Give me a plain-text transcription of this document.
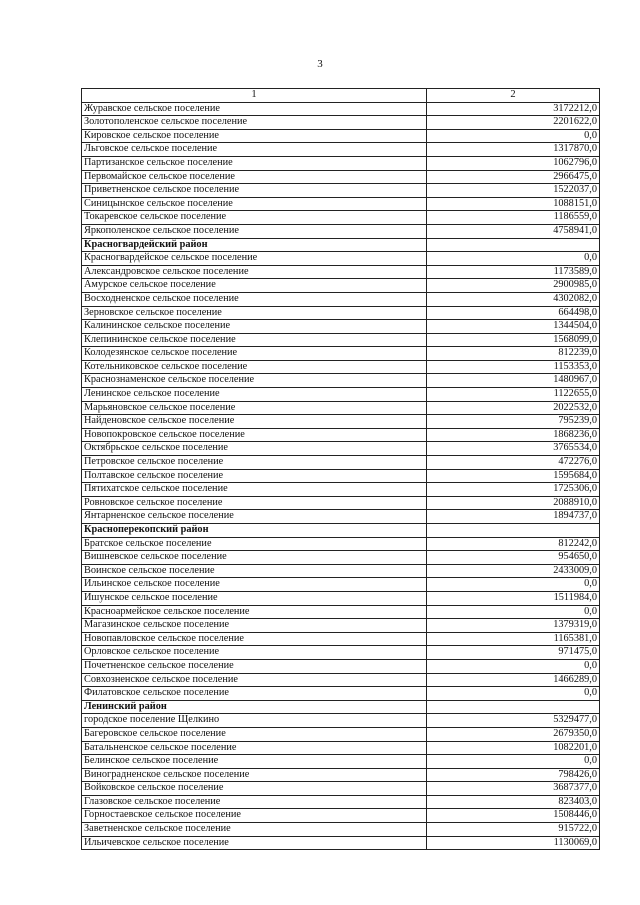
3
1	2
Журавское сельское поселение	3172212,0
Золотополенское сельское поселение	2201622,0
Кировское сельское поселение	0,0
Льговское сельское поселение	1317870,0
Партизанское сельское поселение	1062796,0
Первомайское сельское поселение	2966475,0
Приветненское сельское поселение	1522037,0
Синицынское сельское поселение	1088151,0
Токаревское сельское поселение	1186559,0
Яркополенское сельское поселение	4758941,0
Красногвардейский район	
Красногвардейское сельское поселение	0,0
Александровское сельское поселение	1173589,0
Амурское сельское поселение	2900985,0
Восходненское сельское поселение	4302082,0
Зерновское сельское поселение	664498,0
Калининское сельское поселение	1344504,0
Клепининское сельское поселение	1568099,0
Колодезянское сельское поселение	812239,0
Котельниковское сельское поселение	1153353,0
Краснознаменское сельское поселение	1480967,0
Ленинское сельское поселение	1122655,0
Марьяновское сельское поселение	2022532,0
Найденовское сельское поселение	795239,0
Новопокровское сельское поселение	1868236,0
Октябрьское сельское поселение	3765534,0
Петровское сельское поселение	472276,0
Полтавское сельское поселение	1595684,0
Пятихатское сельское поселение	1725306,0
Ровновское сельское поселение	2088910,0
Янтарненское сельское поселение	1894737,0
Красноперекопский район	
Братское сельское поселение	812242,0
Вишневское сельское поселение	954650,0
Воинское сельское поселение	2433009,0
Ильинское сельское поселение	0,0
Ишунское сельское поселение	1511984,0
Красноармейское сельское поселение	0,0
Магазинское сельское поселение	1379319,0
Новопавловское сельское поселение	1165381,0
Орловское сельское поселение	971475,0
Почетненское сельское поселение	0,0
Совхозненское сельское поселение	1466289,0
Филатовское сельское поселение	0,0
Ленинский район	
городское поселение Щелкино	5329477,0
Багеровское сельское поселение	2679350,0
Батальненское сельское поселение	1082201,0
Белинское сельское поселение	0,0
Виноградненское сельское поселение	798426,0
Войковское сельское поселение	3687377,0
Глазовское сельское поселение	823403,0
Горностаевское сельское поселение	1508446,0
Заветненское сельское поселение	915722,0
Ильичевское сельское поселение	1130069,0
